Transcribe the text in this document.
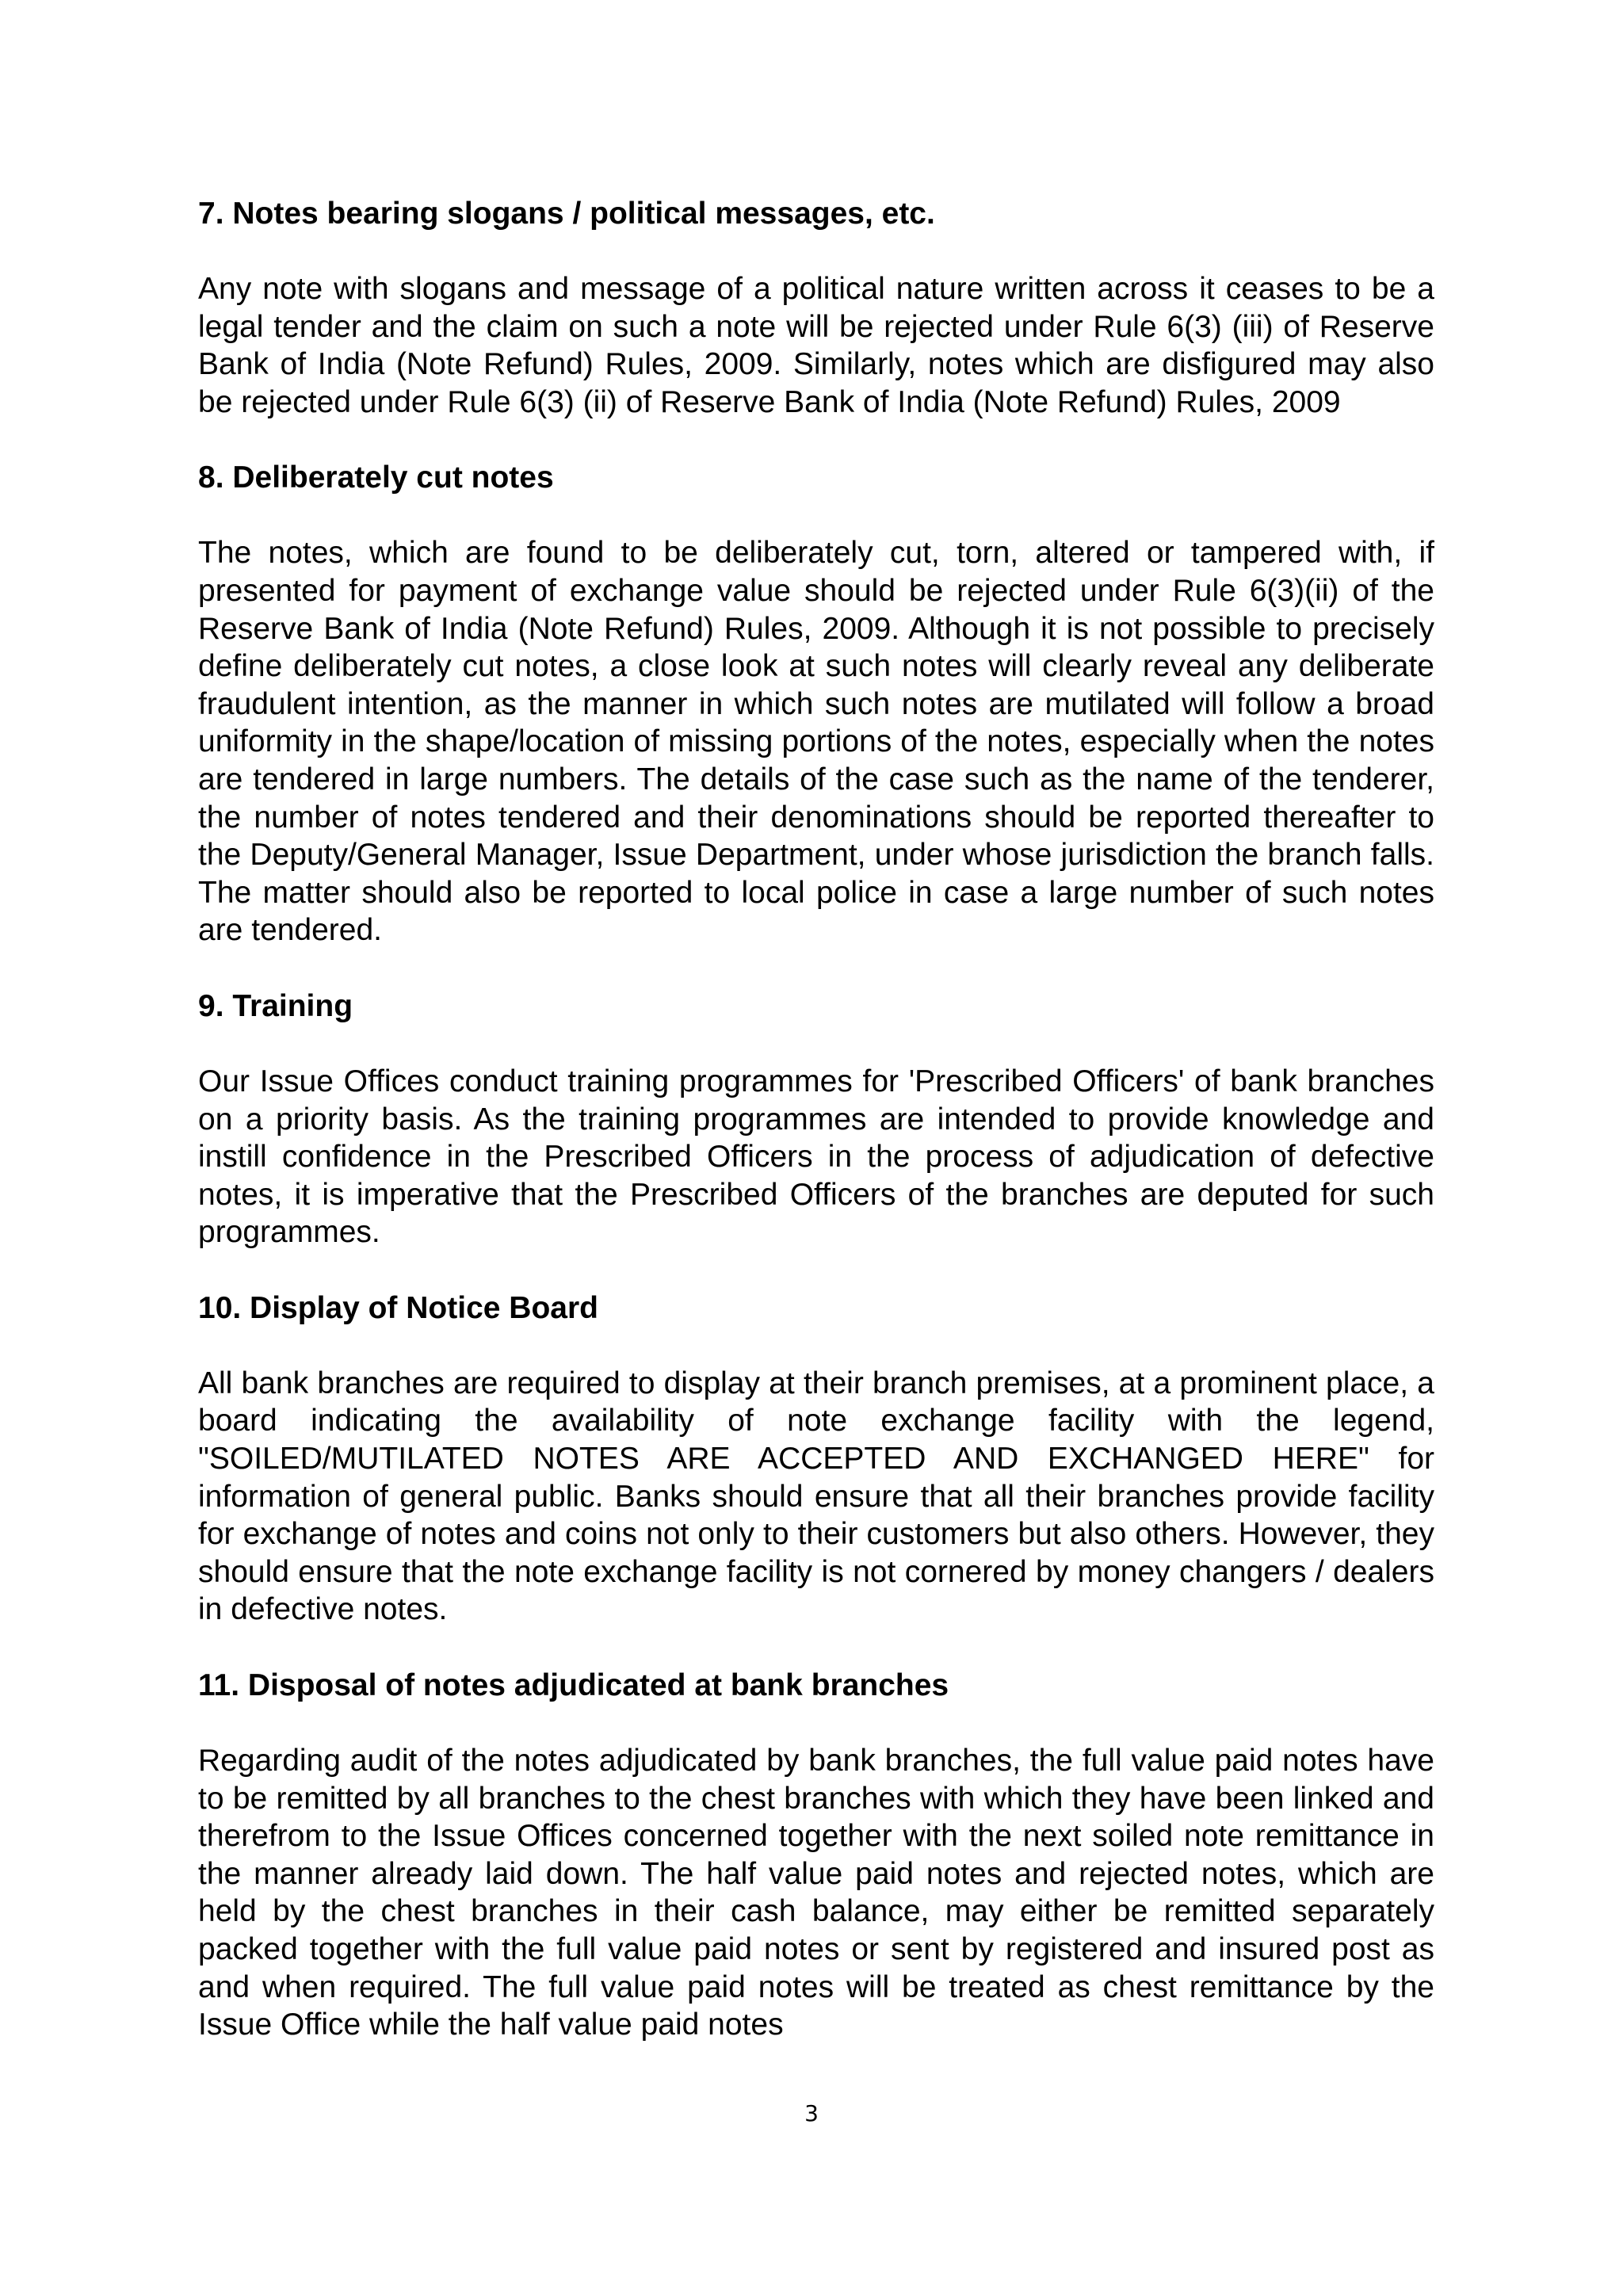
7. Notes bearing slogans / political messages, etc.

Any note with slogans and message of a political nature written across it ceases to be a legal tender and the claim on such a note will be rejected under Rule 6(3) (iii) of Reserve Bank of India (Note Refund) Rules, 2009. Similarly, notes which are disfigured may also be rejected under Rule 6(3) (ii) of Reserve Bank of India (Note Refund) Rules, 2009

8. Deliberately cut notes

The notes, which are found to be deliberately cut, torn, altered or tampered with, if presented for payment of exchange value should be rejected under Rule 6(3)(ii) of the Reserve Bank of India (Note Refund) Rules, 2009. Although it is not possible to precisely define deliberately cut notes, a close look at such notes will clearly reveal any deliberate fraudulent intention, as the manner in which such notes are mutilated will follow a broad uniformity in the shape/location of missing portions of the notes, especially when the notes are tendered in large numbers. The details of the case such as the name of the tenderer, the number of notes tendered and their denominations should be reported thereafter to the Deputy/General Manager, Issue Department, under whose jurisdiction the branch falls. The matter should also be reported to local police in case a large number of such notes are tendered.

9. Training

Our Issue Offices conduct training programmes for 'Prescribed Officers' of bank branches on a priority basis. As the training programmes are intended to provide knowledge and instill confidence in the Prescribed Officers in the process of adjudication of defective notes, it is imperative that the Prescribed Officers of the branches are deputed for such programmes.

10. Display of Notice Board

All bank branches are required to display at their branch premises, at a prominent place, a board indicating the availability of note exchange facility with the legend, "SOILED/MUTILATED NOTES ARE ACCEPTED AND EXCHANGED HERE" for information of general public. Banks should ensure that all their branches provide facility for exchange of notes and coins not only to their customers but also others. However, they should ensure that the note exchange facility is not cornered by money changers / dealers in defective notes.

11. Disposal of notes adjudicated at bank branches

Regarding audit of the notes adjudicated by bank branches, the full value paid notes have to be remitted by all branches to the chest branches with which they have been linked and therefrom to the Issue Offices concerned together with the next soiled note remittance in the manner already laid down. The half value paid notes and rejected notes, which are held by the chest branches in their cash balance, may either be remitted separately packed together with the full value paid notes or sent by registered and insured post as and when required. The full value paid notes will be treated as chest remittance by the Issue Office while the half value paid notes

3
